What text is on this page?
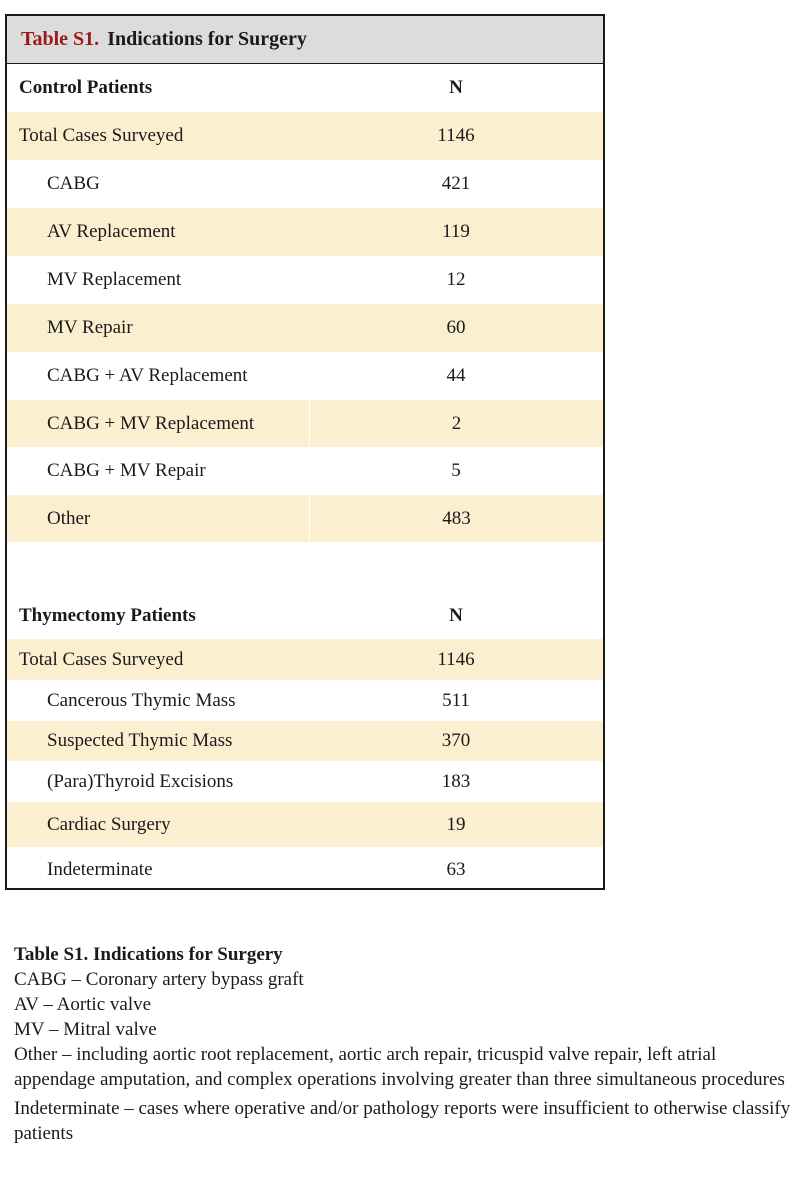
Table S1. Indications for Surgery
Control Patients	N
Total Cases Surveyed	1146
CABG	421
AV Replacement	119
MV Replacement	12
MV Repair	60
CABG + AV Replacement	44
CABG + MV Replacement	2
CABG + MV Repair	5
Other	483
Thymectomy Patients	N
Total Cases Surveyed	1146
Cancerous Thymic Mass	511
Suspected Thymic Mass	370
(Para)Thyroid Excisions	183
Cardiac Surgery	19
Indeterminate	63

Table S1. Indications for Surgery

CABG – Coronary artery bypass graft

AV – Aortic valve

MV – Mitral valve

Other – including aortic root replacement, aortic arch repair, tricuspid valve repair, left atrial appendage amputation, and complex operations involving greater than three simultaneous procedures

Indeterminate – cases where operative and/or pathology reports were insufficient to otherwise classify patients
